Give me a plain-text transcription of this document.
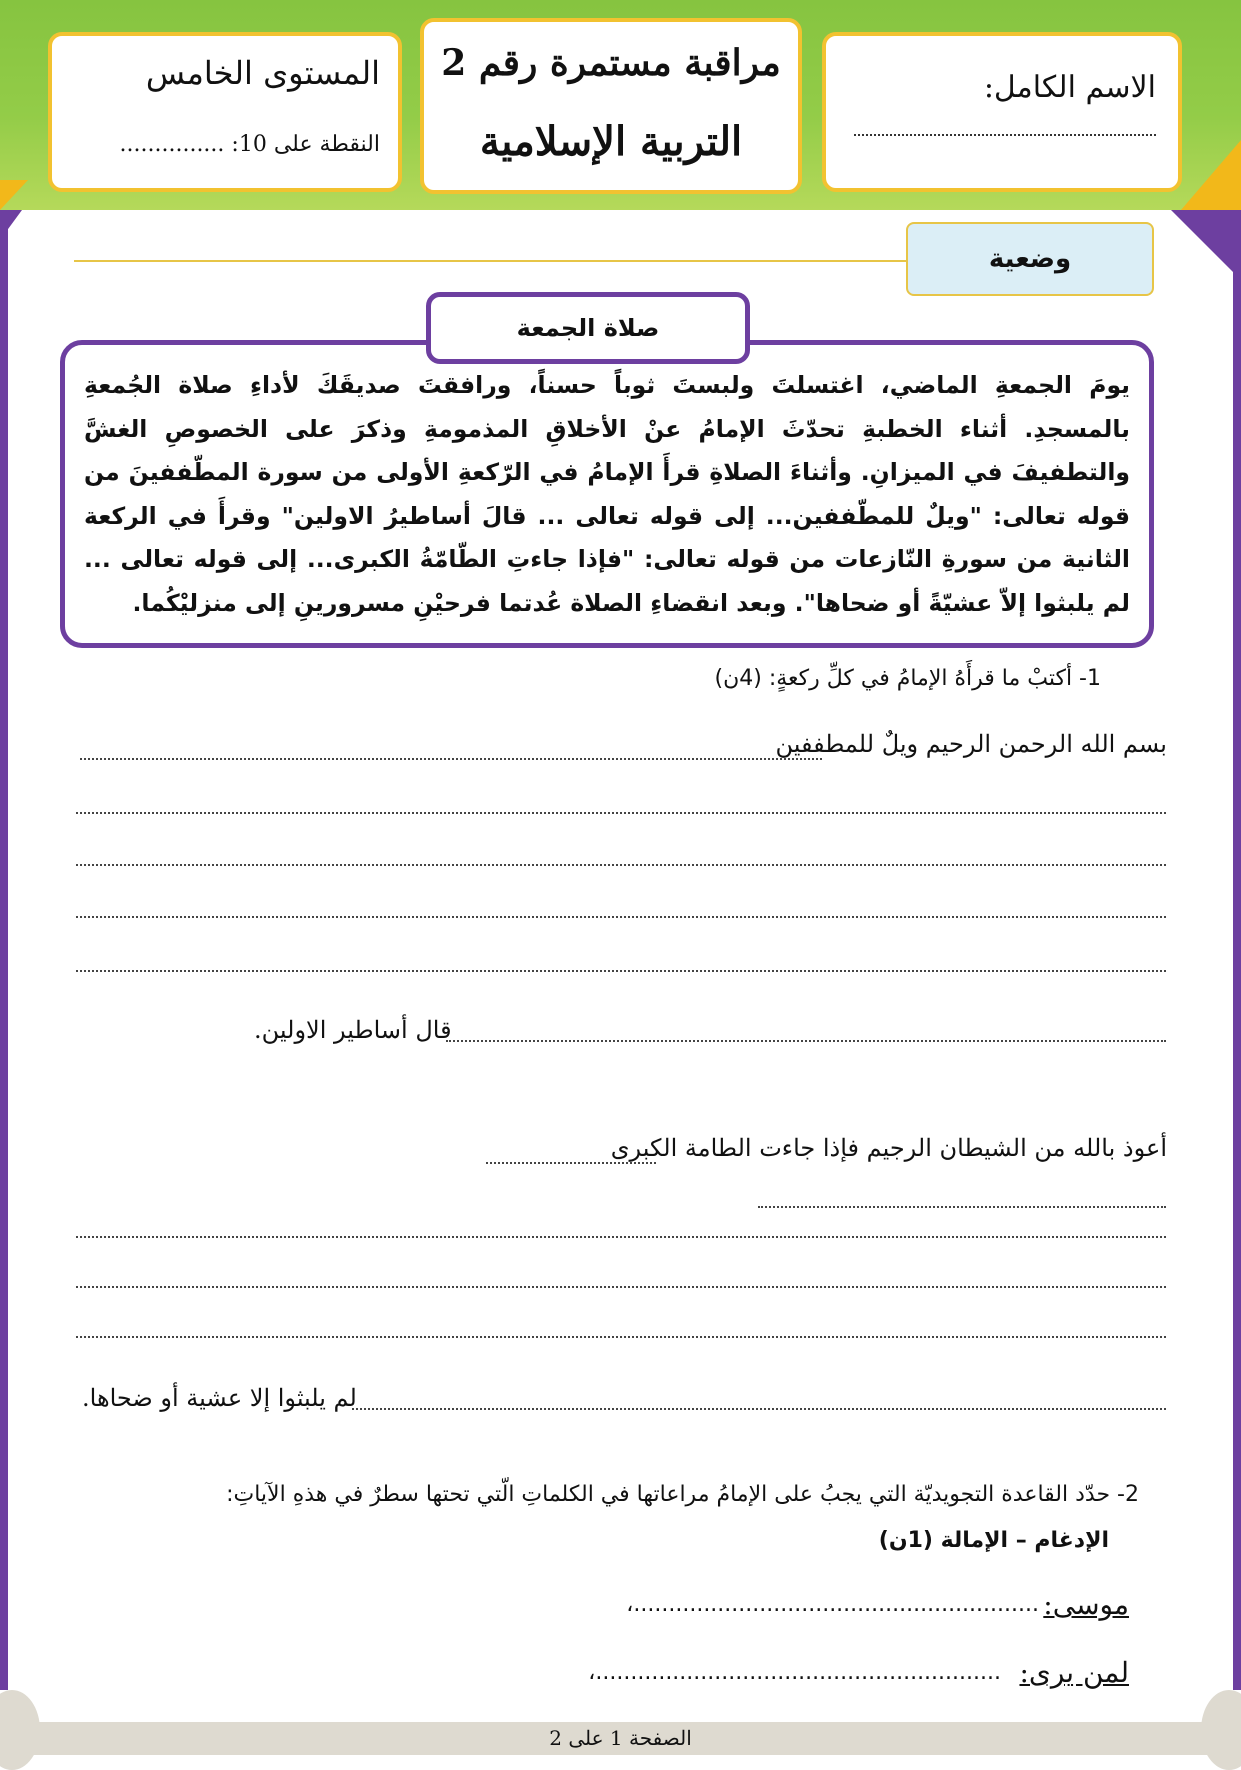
الاسم الكامل:
مراقبة مستمرة رقم 2
التربية الإسلامية
المستوى الخامس
النقطة على 10: ...............
وضعية
صلاة الجمعة
يومَ الجمعةِ الماضي، اغتسلتَ ولبستَ ثوباً حسناً، ورافقتَ صديقَكَ لأداءِ صلاة الجُمعةِ بالمسجدِ. أثناء الخطبةِ تحدّثَ الإمامُ عنْ الأخلاقِ المذمومةِ وذكرَ على الخصوصِ الغشَّ والتطفيفَ في الميزانِ. وأثناءَ الصلاةِ قرأَ الإمامُ في الرّكعةِ الأولى من سورة المطّففينَ من قوله تعالى: "ويلٌ للمطّففين... إلى قوله تعالى ... قالَ أساطيرُ الاولين" وقرأَ في الركعة الثانية من سورةِ النّازعات من قوله تعالى: "فإذا جاءتِ الطّامّةُ الكبرى... إلى قوله تعالى ... لم يلبثوا إلاّ عشيّةً أو ضحاها". وبعد انقضاءِ الصلاة عُدتما فرحيْنِ مسرورينِ إلى منزليْكُما.
1- أكتبْ ما قرأَهُ الإمامُ في كلِّ ركعةٍ: (4ن)
بسم الله الرحمن الرحيم ويلٌ للمطففين
قال أساطير الاولين.
أعوذ بالله من الشيطان الرجيم فإذا جاءت الطامة الكبرى
لم يلبثوا إلا عشية أو ضحاها.
2- حدّد القاعدة التجويديّة التي يجبُ على الإمامُ مراعاتها في الكلماتِ الّتي تحتها سطرٌ في هذهِ الآياتِ:
الإدغام – الإمالة (1ن)
موسى:
..........................................................،
لمن يرى:
..........................................................،
الصفحة 1 على 2
